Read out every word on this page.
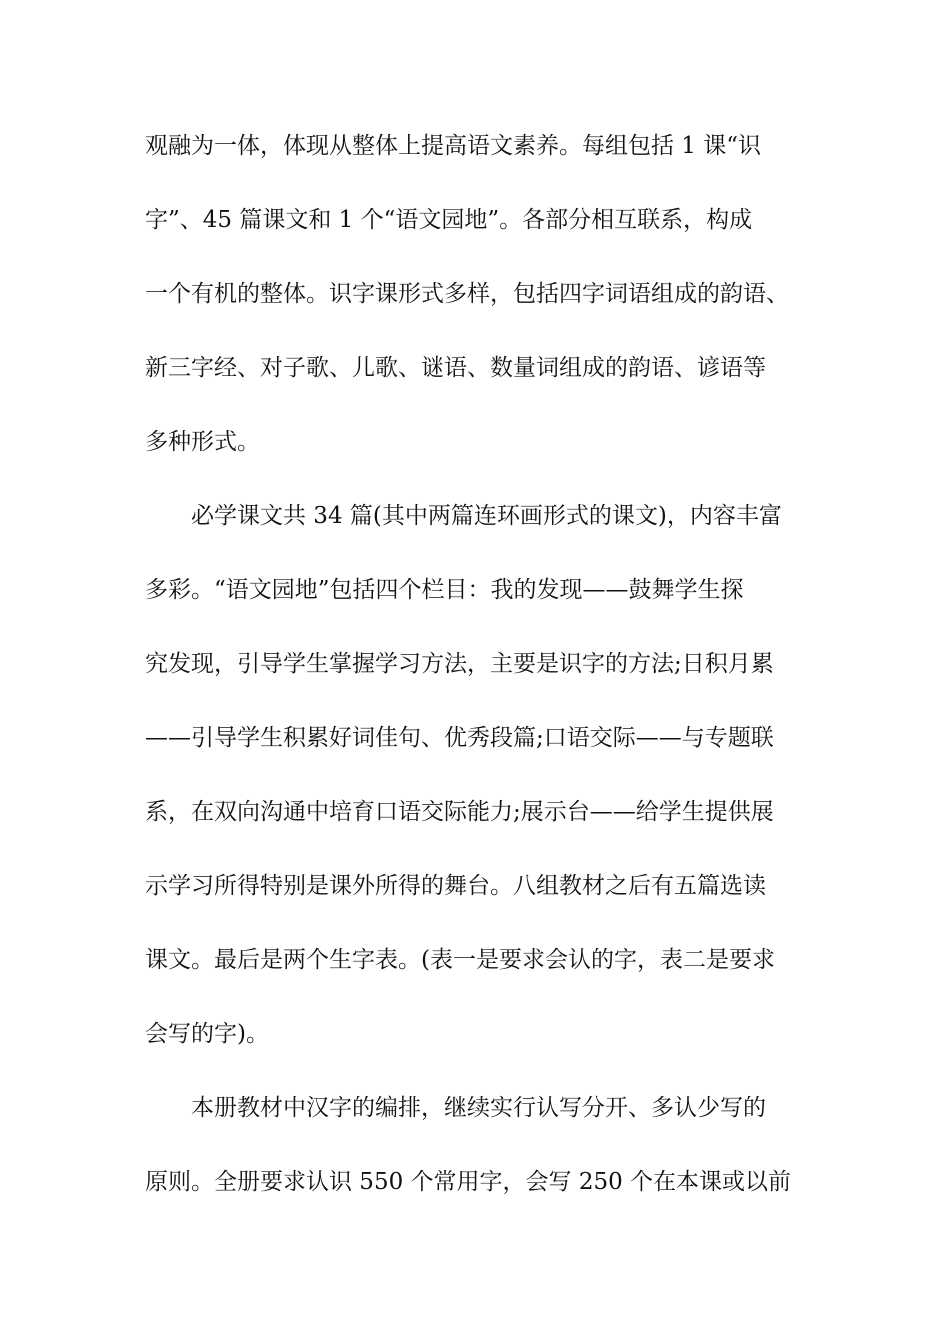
观融为一体，体现从整体上提高语文素养。每组包括 1 课“识
字”、45 篇课文和 1 个“语文园地”。各部分相互联系，构成
一个有机的整体。识字课形式多样，包括四字词语组成的韵语、
新三字经、对子歌、儿歌、谜语、数量词组成的韵语、谚语等
多种形式。
必学课文共 34 篇(其中两篇连环画形式的课文)，内容丰富
多彩。“语文园地”包括四个栏目：我的发现——鼓舞学生探
究发现，引导学生掌握学习方法，主要是识字的方法;日积月累
——引导学生积累好词佳句、优秀段篇;口语交际——与专题联
系，在双向沟通中培育口语交际能力;展示台——给学生提供展
示学习所得特别是课外所得的舞台。八组教材之后有五篇选读
课文。最后是两个生字表。(表一是要求会认的字，表二是要求
会写的字)。
本册教材中汉字的编排，继续实行认写分开、多认少写的
原则。全册要求认识 550 个常用字，会写 250 个在本课或以前
